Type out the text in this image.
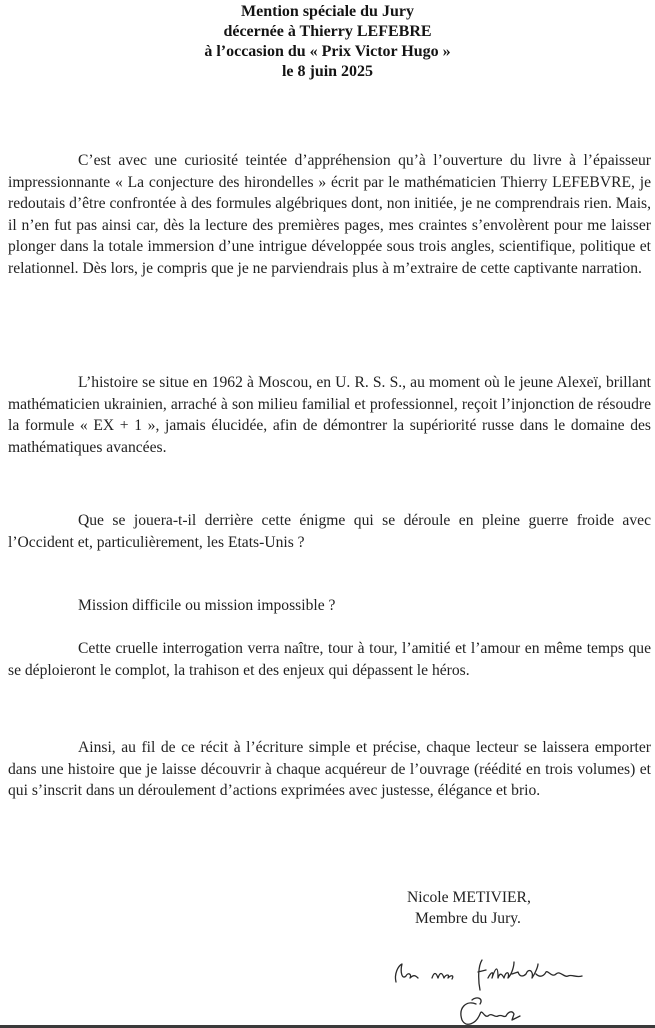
Mention spéciale du Jury
décernée à Thierry LEFEBRE
à l’occasion du « Prix Victor Hugo »
le 8 juin 2025

C’est avec une curiosité teintée d’appréhension qu’à l’ouverture du livre à l’épaisseur impressionnante « La conjecture des hirondelles » écrit par le mathématicien Thierry LEFEBVRE, je redoutais d’être confrontée à des formules algébriques dont, non initiée, je ne comprendrais rien. Mais, il n’en fut pas ainsi car, dès la lecture des premières pages, mes craintes s’envolèrent pour me laisser plonger dans la totale immersion d’une intrigue développée sous trois angles, scientifique, politique et relationnel. Dès lors, je compris que je ne parviendrais plus à m’extraire de cette captivante narration.

L’histoire se situe en 1962 à Moscou, en U. R. S. S., au moment où le jeune Alexeï, brillant mathématicien ukrainien, arraché à son milieu familial et professionnel, reçoit l’injonction de résoudre la formule « EX + 1 », jamais élucidée, afin de démontrer la supériorité russe dans le domaine des mathématiques avancées.

Que se jouera-t-il derrière cette énigme qui se déroule en pleine guerre froide avec l’Occident et, particulièrement, les Etats-Unis ?

Mission difficile ou mission impossible ?

Cette cruelle interrogation verra naître, tour à tour, l’amitié et l’amour en même temps que se déploieront le complot, la trahison et des enjeux qui dépassent le héros.

Ainsi, au fil de ce récit à l’écriture simple et précise, chaque lecteur se laissera emporter dans une histoire que je laisse découvrir à chaque acquéreur de l’ouvrage (réédité en trois volumes) et qui s’inscrit dans un déroulement d’actions exprimées avec justesse, élégance et brio.

Nicole METIVIER,
Membre du Jury.
